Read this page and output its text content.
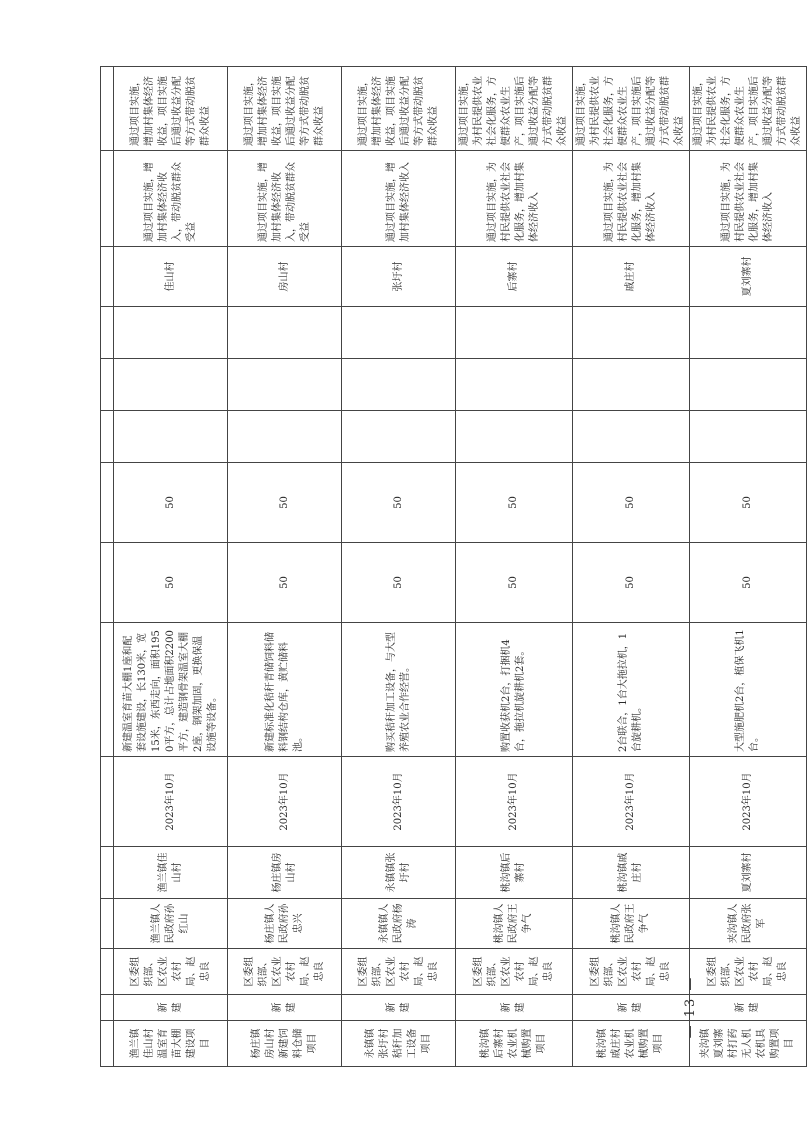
渔兰镇佳山村温室育苗大棚建设项目	新建	区委组织部、区农业农村局、赵忠良	渔兰镇人民政府孙红山	渔兰镇佳山村	2023年10月	新建温室育苗大棚1座和配套设施建设，长130米，宽15米，东西走向，面积1950平方，总计占地面积2200平方，建造钢骨架温室大棚2座，钢架加固，更换保温设施等设备。	50	50				佳山村	通过项目实施，增加村集体经济收入，带动脱贫群众受益	通过项目实施，增加村集体经济收益，项目实施后通过收益分配等方式带动脱贫群众收益
杨庄镇房山村新建饲料仓储项目	新建	区委组织部、区农业农村局、赵忠良	杨庄镇人民政府孙忠兴	杨庄镇房山村	2023年10月	新建标准化秸秆青储饲料储料钢结构仓库，黄贮储料池。	50	50				房山村	通过项目实施，增加村集体经济收入，带动脱贫群众受益	通过项目实施，增加村集体经济收益，项目实施后通过收益分配等方式带动脱贫群众收益
永镇镇张圩村秸秆加工设备项目	新建	区委组织部、区农业农村局、赵忠良	永镇镇人民政府杨涛	永镇镇张圩村	2023年10月	购买秸秆加工设备，与大型养殖农业合作经营。	50	50				张圩村	通过项目实施，增加村集体经济收入	通过项目实施，增加村集体经济收益，项目实施后通过收益分配等方式带动脱贫群众收益
桃沟镇后寨村农业机械购置项目	新建	区委组织部、区农业农村局、赵忠良	桃沟镇人民政府王争气	桃沟镇后寨村	2023年10月	购置收获机2台，打捆机4台，拖拉机旋耕机2套。	50	50				后寨村	通过项目实施，为村民提供农业社会化服务，增加村集体经济收入	通过项目实施，为村民提供农业社会化服务，方便群众农业生产，项目实施后通过收益分配等方式带动脱贫群众收益
桃沟镇戚庄村农业机械购置项目	新建	区委组织部、区农业农村局、赵忠良	桃沟镇人民政府王争气	桃沟镇戚庄村	2023年10月	2台联合，1台大拖拉机，1台旋耕机。	50	50				戚庄村	通过项目实施，为村民提供农业社会化服务，增加村集体经济收入	通过项目实施，为村民提供农业社会化服务，方便群众农业生产，项目实施后通过收益分配等方式带动脱贫群众收益
夹沟镇夏刘寨村打药无人机农机具购置项目	新建	区委组织部、区农业农村局、赵忠良	夹沟镇人民政府张军	夏刘寨村	2023年10月	大型施肥机2台，植保飞机1台。	50	50				夏刘寨村	通过项目实施，为村民提供农业社会化服务，增加村集体经济收入	通过项目实施，为村民提供农业社会化服务，方便群众农业生产，项目实施后通过收益分配等方式带动脱贫群众收益
— 13 —
